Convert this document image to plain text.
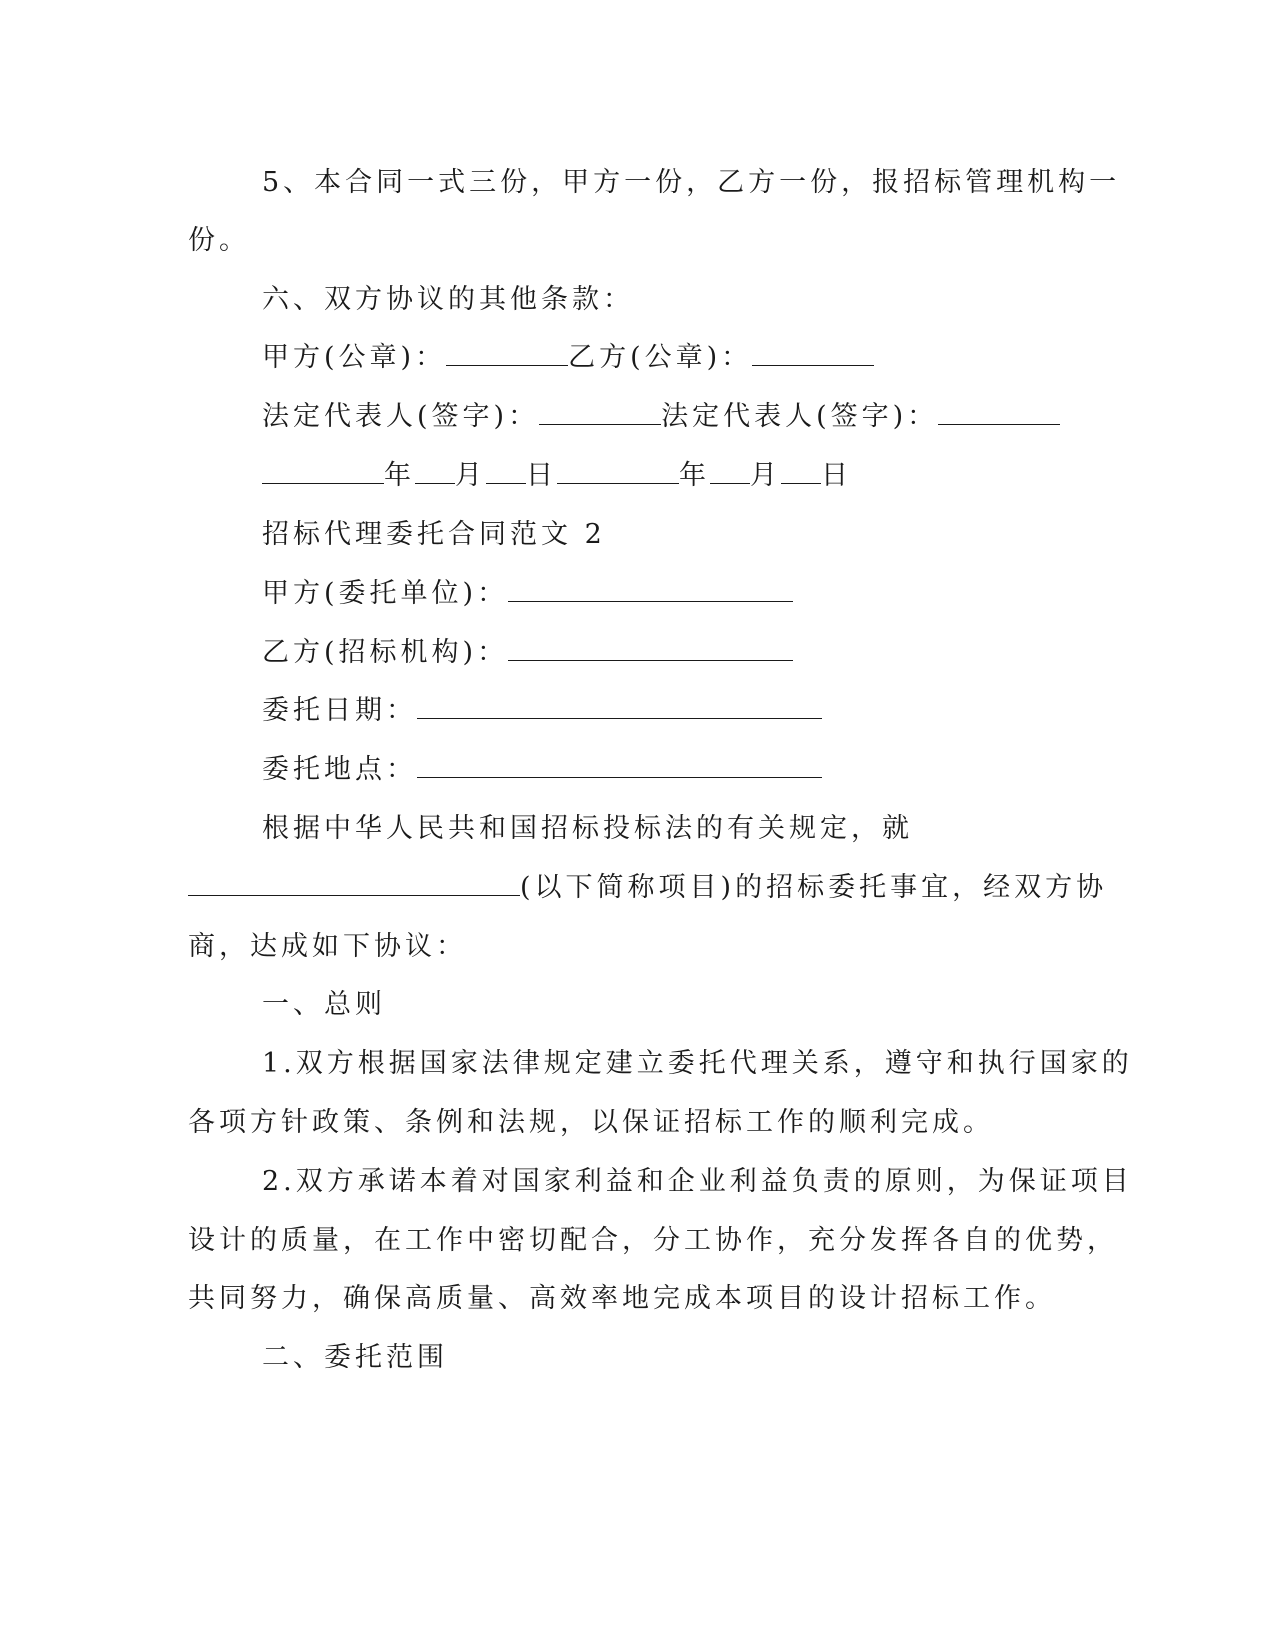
5、本合同一式三份，甲方一份，乙方一份，报招标管理机构一
份。
六、双方协议的其他条款：
甲方(公章)：	乙方(公章)：
法定代表人(签字)：	法定代表人(签字)：
年 月 日	年 月 日
招标代理委托合同范文 2
甲方(委托单位)：
乙方(招标机构)：
委托日期：
委托地点：
根据中华人民共和国招标投标法的有关规定，就
(以下简称项目)的招标委托事宜，经双方协
商，达成如下协议：
一、总则
1.双方根据国家法律规定建立委托代理关系，遵守和执行国家的
各项方针政策、条例和法规，以保证招标工作的顺利完成。
2.双方承诺本着对国家利益和企业利益负责的原则，为保证项目
设计的质量，在工作中密切配合，分工协作，充分发挥各自的优势，
共同努力，确保高质量、高效率地完成本项目的设计招标工作。
二、委托范围
